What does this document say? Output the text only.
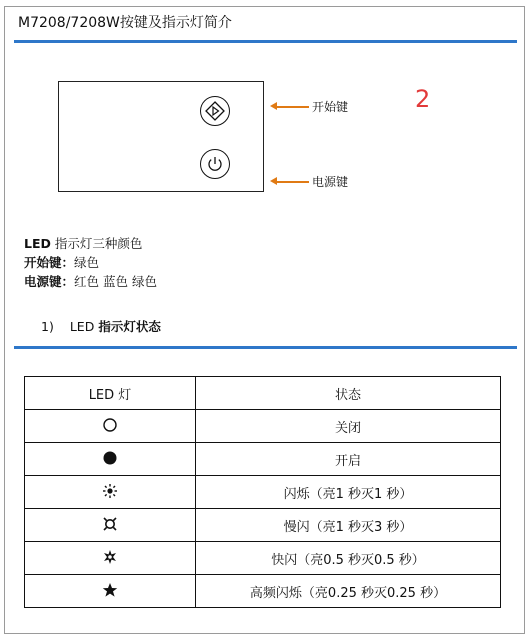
M7208/7208W按键及指示灯简介
开始键
电源键
2
LED 指示灯三种颜色
开始键：绿色
电源键：红色 蓝色 绿色
1) LED 指示灯状态
LED 灯	状态

	关闭

	开启

	闪烁（亮1 秒灭1 秒）

	慢闪（亮1 秒灭3 秒）

	快闪（亮0.5 秒灭0.5 秒）

	高频闪烁（亮0.25 秒灭0.25 秒）
